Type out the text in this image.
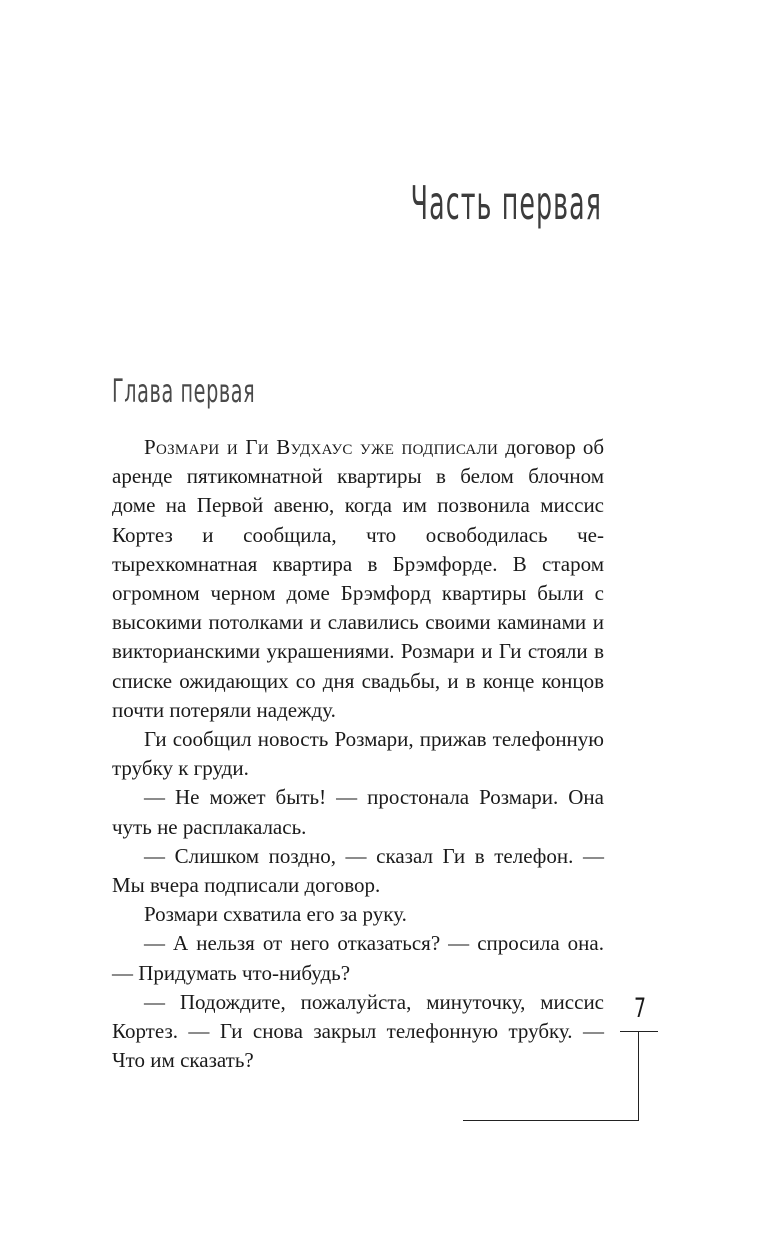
Часть первая
Глава первая

Розмари и Ги Вудхаус уже подписали договор об аренде пятикомнатной квартиры в белом блочном доме на Первой авеню, когда им позвонила миссис Кортез и сообщила, что освободилась четырехкомнатная квартира в Брэмфорде. В старом огромном черном доме Брэмфорд квартиры были с высокими потолками и славились своими каминами и викторианскими украшениями. Розмари и Ги стояли в списке ожидающих со дня свадьбы, и в конце концов почти потеряли надежду.

Ги сообщил новость Розмари, прижав телефонную трубку к груди.

— Не может быть! — простонала Розмари. Она чуть не расплакалась.

— Слишком поздно, — сказал Ги в телефон. — Мы вчера подписали договор.

Розмари схватила его за руку.

— А нельзя от него отказаться? — спросила она. — Придумать что-нибудь?

— Подождите, пожалуйста, минуточку, миссис Кортез. — Ги снова закрыл телефонную трубку. — Что им сказать?

7
